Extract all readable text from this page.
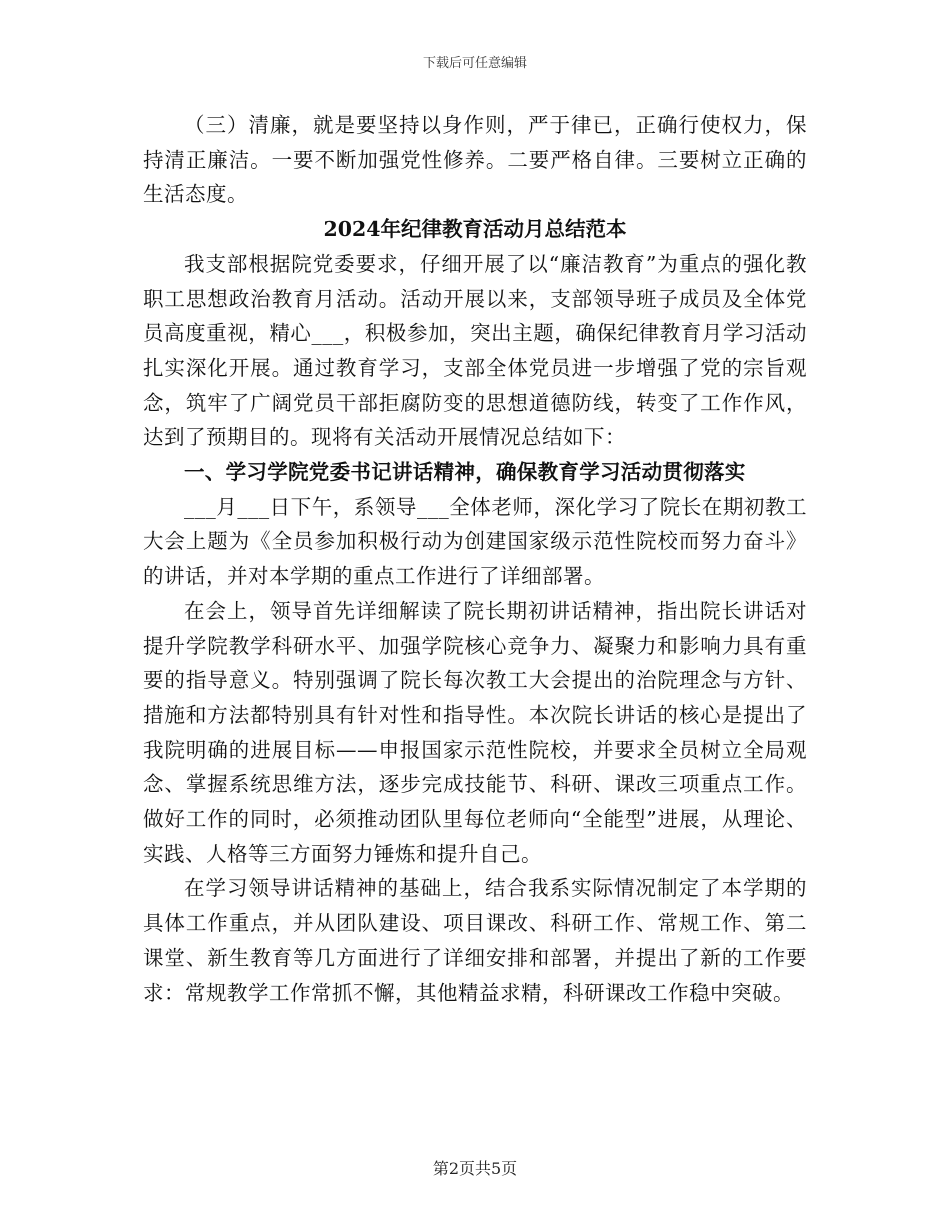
下载后可任意编辑

（三）清廉，就是要坚持以身作则，严于律已，正确行使权力，保持清正廉洁。一要不断加强党性修养。二要严格自律。三要树立正确的生活态度。

2024年纪律教育活动月总结范本

我支部根据院党委要求，仔细开展了以“廉洁教育”为重点的强化教职工思想政治教育月活动。活动开展以来，支部领导班子成员及全体党员高度重视，精心___，积极参加，突出主题，确保纪律教育月学习活动扎实深化开展。通过教育学习，支部全体党员进一步增强了党的宗旨观念，筑牢了广阔党员干部拒腐防变的思想道德防线，转变了工作作风，达到了预期目的。现将有关活动开展情况总结如下：

一、学习学院党委书记讲话精神，确保教育学习活动贯彻落实

___月___日下午，系领导___全体老师，深化学习了院长在期初教工大会上题为《全员参加积极行动为创建国家级示范性院校而努力奋斗》的讲话，并对本学期的重点工作进行了详细部署。

在会上，领导首先详细解读了院长期初讲话精神，指出院长讲话对提升学院教学科研水平、加强学院核心竞争力、凝聚力和影响力具有重要的指导意义。特别强调了院长每次教工大会提出的治院理念与方针、措施和方法都特别具有针对性和指导性。本次院长讲话的核心是提出了我院明确的进展目标——申报国家示范性院校，并要求全员树立全局观念、掌握系统思维方法，逐步完成技能节、科研、课改三项重点工作。做好工作的同时，必须推动团队里每位老师向“全能型”进展，从理论、实践、人格等三方面努力锤炼和提升自己。

在学习领导讲话精神的基础上，结合我系实际情况制定了本学期的具体工作重点，并从团队建设、项目课改、科研工作、常规工作、第二课堂、新生教育等几方面进行了详细安排和部署，并提出了新的工作要求：常规教学工作常抓不懈，其他精益求精，科研课改工作稳中突破。

第2页共5页
